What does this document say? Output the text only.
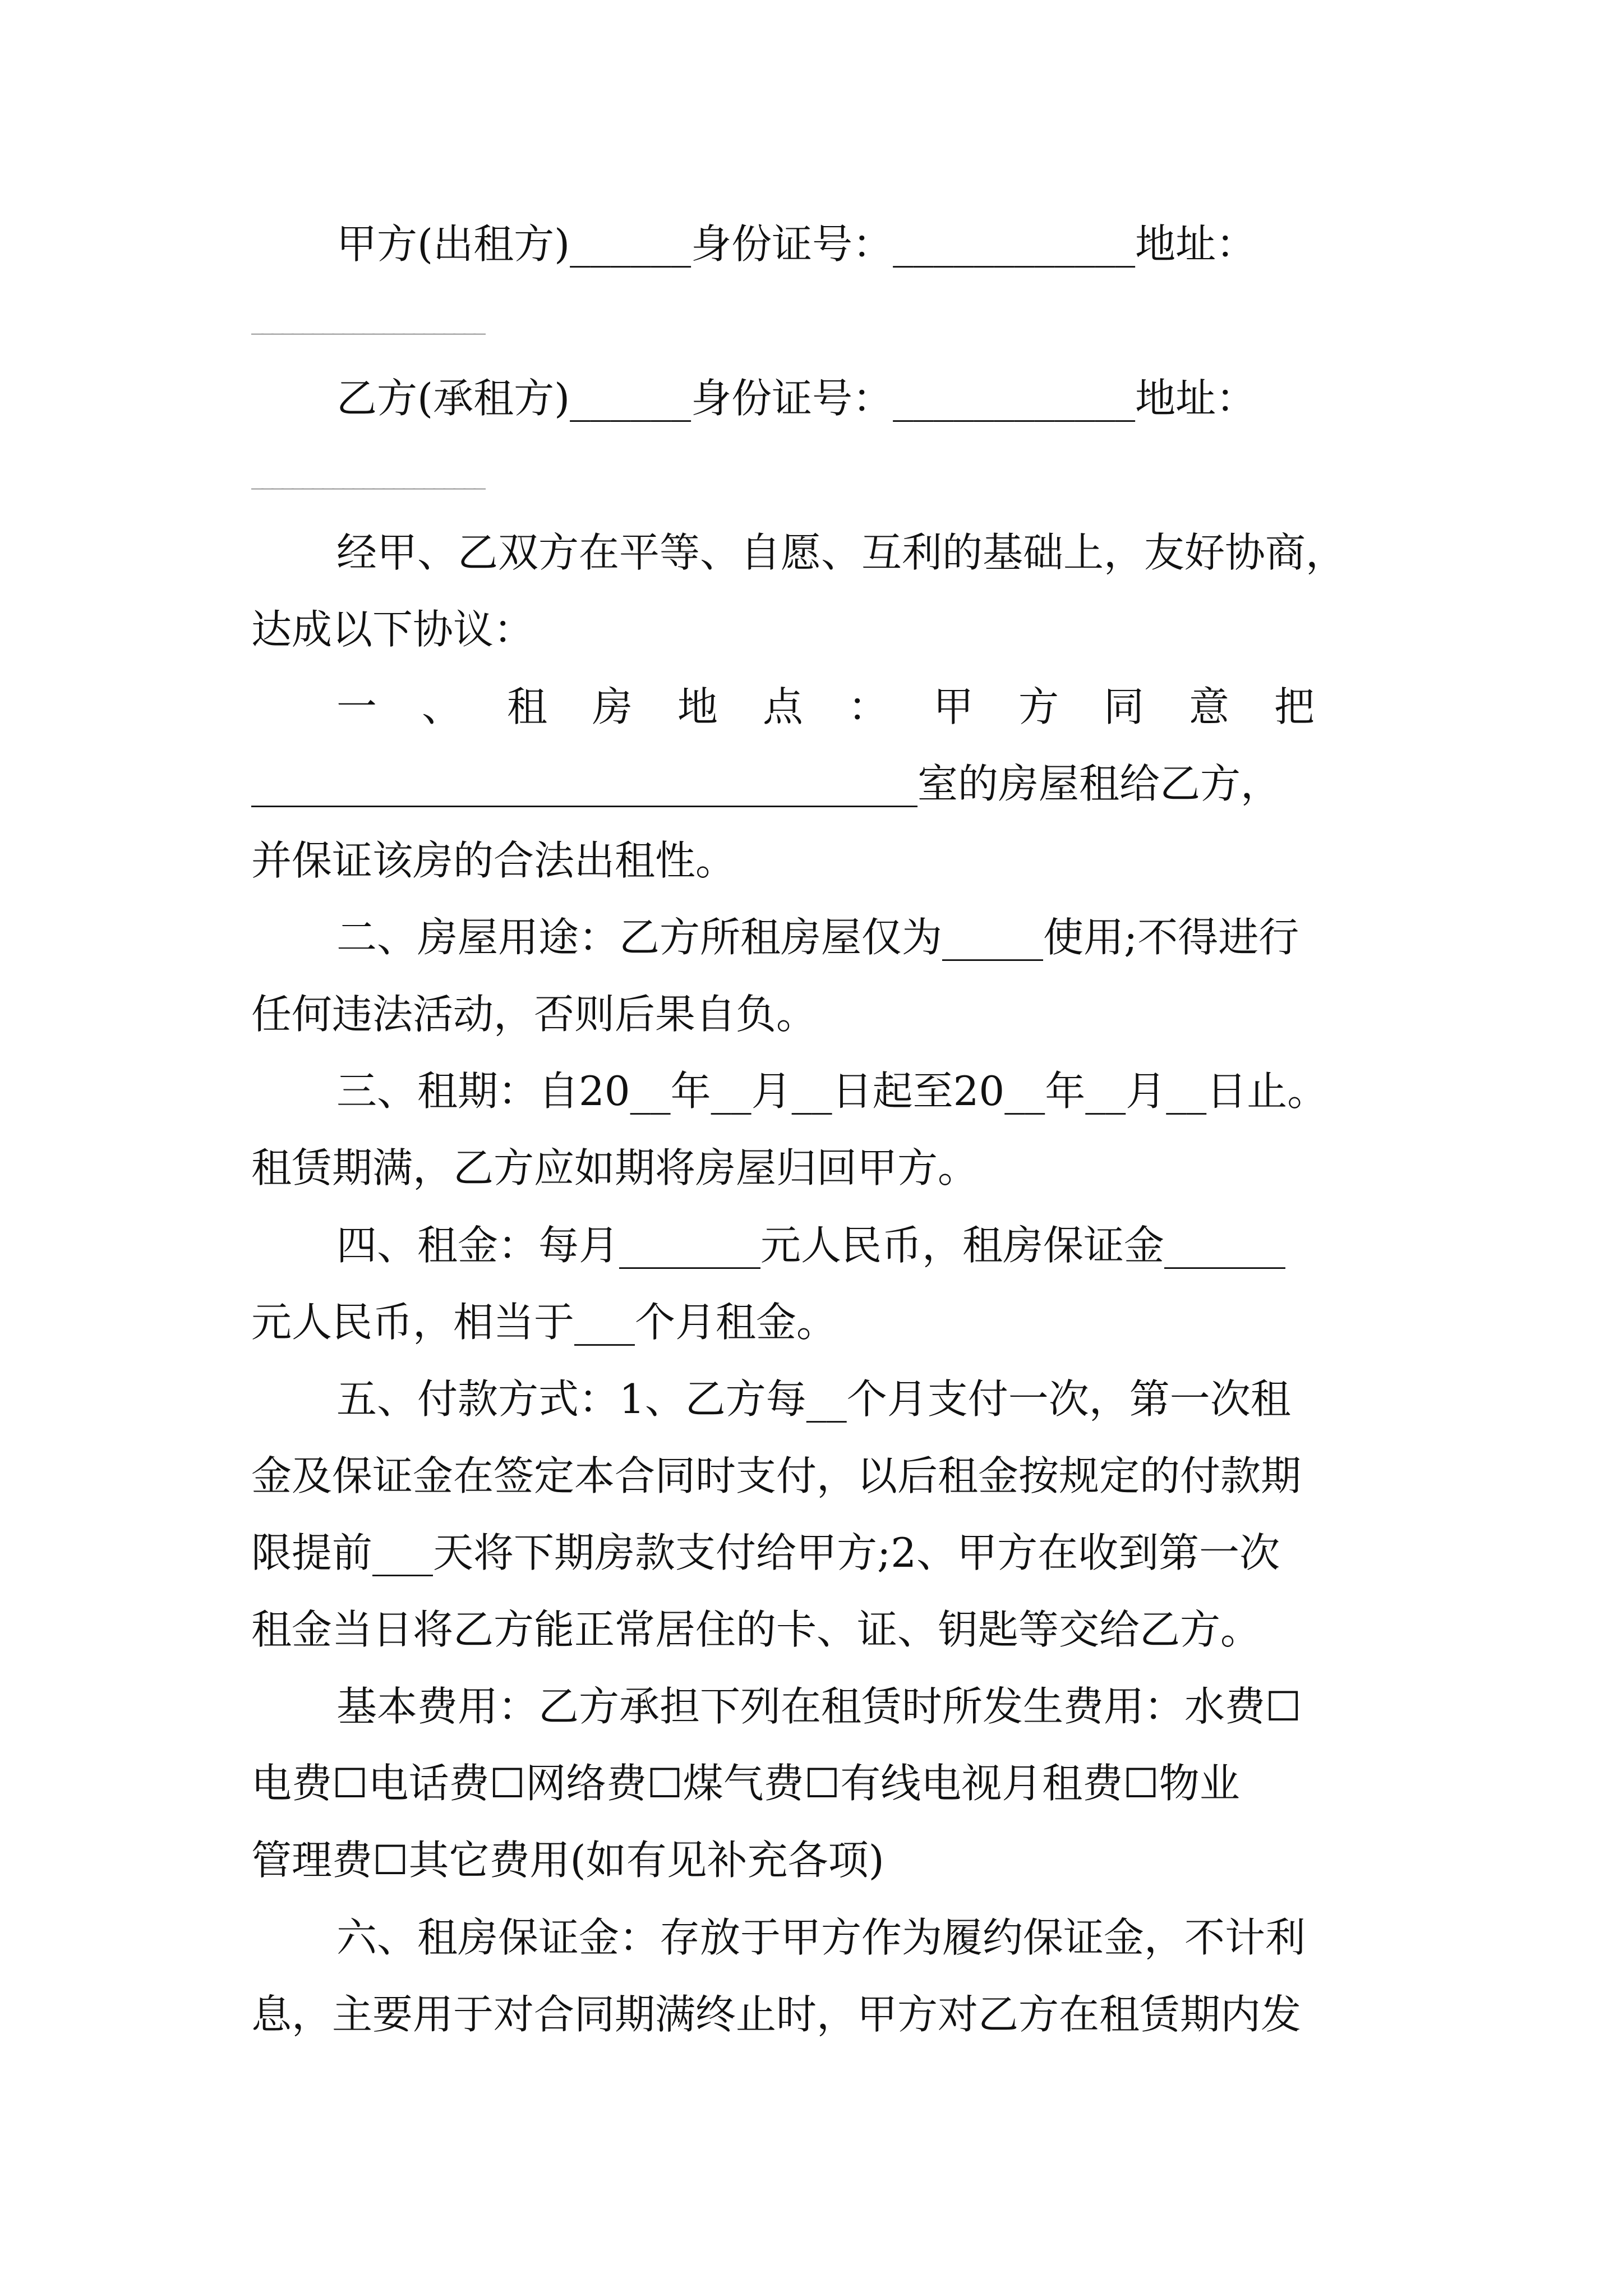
甲方(出租方)______身份证号：____________地址：
_______________________
乙方(承租方)______身份证号：____________地址：
_______________________
经甲、乙双方在平等、自愿、互利的基础上，友好协商，
达成以下协议：
一、租房地点：甲方同意把
_________________________________室的房屋租给乙方，
并保证该房的合法出租性。
二、房屋用途：乙方所租房屋仅为_____使用;不得进行
任何违法活动，否则后果自负。
三、租期：自20__年__月__日起至20__年__月__日止。
租赁期满，乙方应如期将房屋归回甲方。
四、租金：每月_______元人民币，租房保证金______
元人民币，相当于___个月租金。
五、付款方式：1、乙方每__个月支付一次，第一次租
金及保证金在签定本合同时支付，以后租金按规定的付款期
限提前___天将下期房款支付给甲方;2、甲方在收到第一次
租金当日将乙方能正常居住的卡、证、钥匙等交给乙方。
基本费用：乙方承担下列在租赁时所发生费用：水费☐
电费☐电话费☐网络费☐煤气费☐有线电视月租费☐物业
管理费☐其它费用(如有见补充各项)
六、租房保证金：存放于甲方作为履约保证金，不计利
息，主要用于对合同期满终止时，甲方对乙方在租赁期内发
